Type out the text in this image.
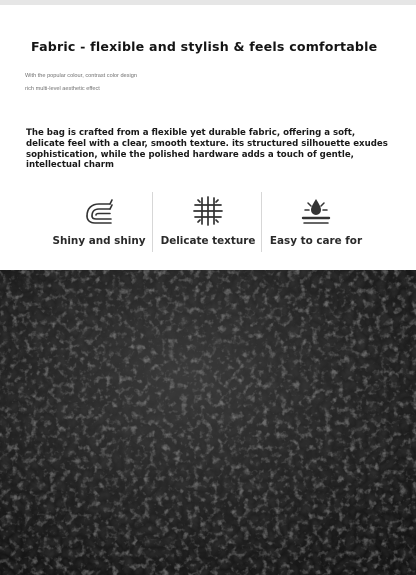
Fabric - flexible and stylish & feels comfortable

With the popular colour, contrast color design

rich multi-level aesthetic effect

The bag is crafted from a flexible yet durable fabric, offering a soft, delicate feel with a clear, smooth texture. its structured silhouette exudes sophistication, while the polished hardware adds a touch of gentle, intellectual charm

Shiny and shiny	Delicate texture	Easy to care for
